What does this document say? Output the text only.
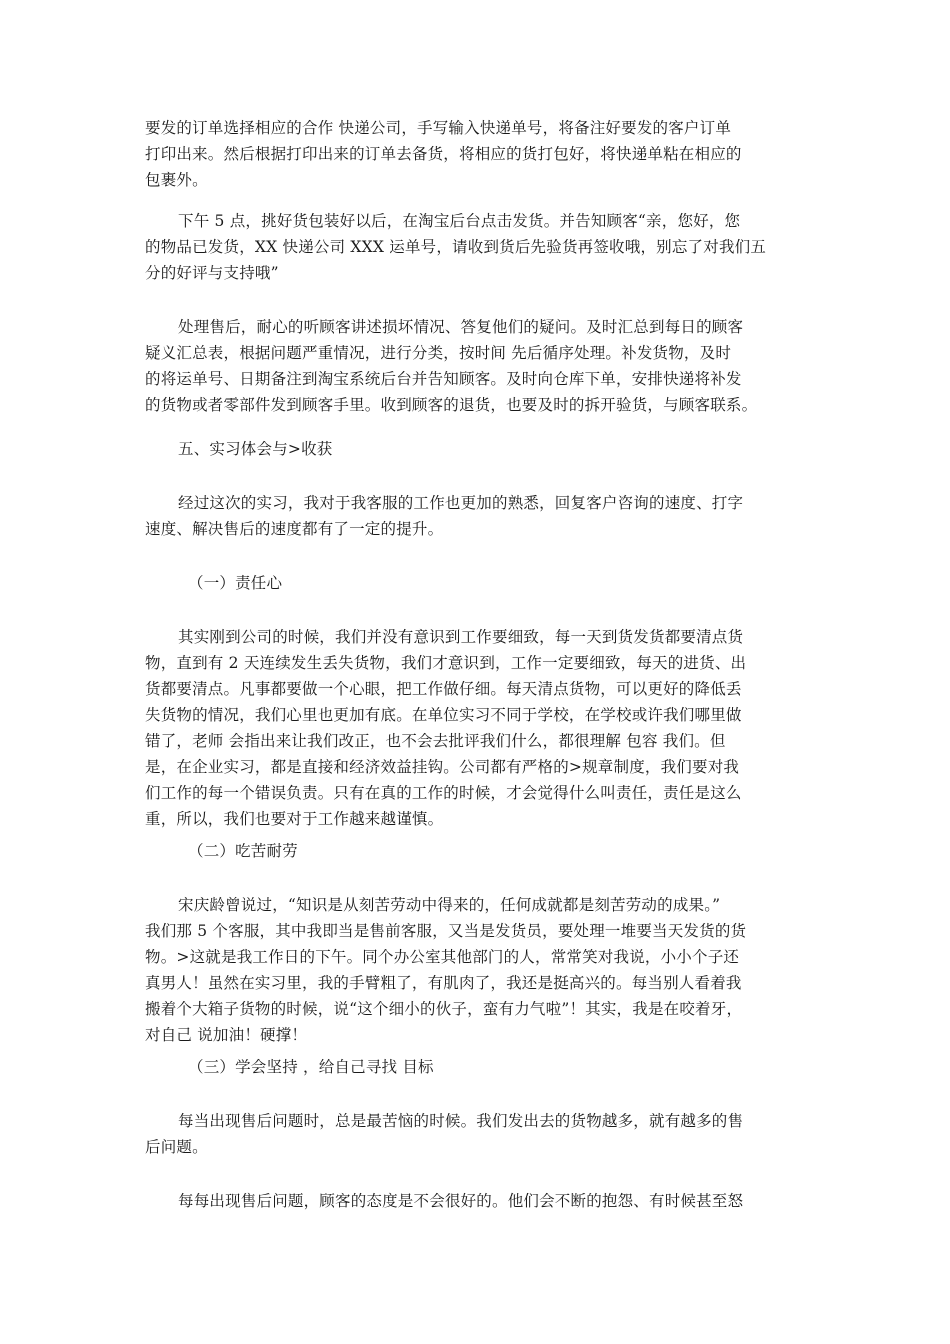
要发的订单选择相应的合作 快递公司，手写输入快递单号，将备注好要发的客户订单
打印出来。然后根据打印出来的订单去备货，将相应的货打包好，将快递单粘在相应的
包裹外。
下午 5 点，挑好货包装好以后，在淘宝后台点击发货。并告知顾客“亲，您好，您
的物品已发货，XX 快递公司 XXX 运单号，请收到货后先验货再签收哦，别忘了对我们五
分的好评与支持哦”
处理售后，耐心的听顾客讲述损坏情况、答复他们的疑问。及时汇总到每日的顾客
疑义汇总表，根据问题严重情况，进行分类，按时间 先后循序处理。补发货物，及时
的将运单号、日期备注到淘宝系统后台并告知顾客。及时向仓库下单，安排快递将补发
的货物或者零部件发到顾客手里。收到顾客的退货，也要及时的拆开验货，与顾客联系。
五、实习体会与>收获
经过这次的实习，我对于我客服的工作也更加的熟悉，回复客户咨询的速度、打字
速度、解决售后的速度都有了一定的提升。
（一）责任心
其实刚到公司的时候，我们并没有意识到工作要细致，每一天到货发货都要清点货
物，直到有 2 天连续发生丢失货物，我们才意识到，工作一定要细致，每天的进货、出
货都要清点。凡事都要做一个心眼，把工作做仔细。每天清点货物，可以更好的降低丢
失货物的情况，我们心里也更加有底。在单位实习不同于学校，在学校或许我们哪里做
错了，老师 会指出来让我们改正，也不会去批评我们什么，都很理解 包容 我们。但
是，在企业实习，都是直接和经济效益挂钩。公司都有严格的>规章制度，我们要对我
们工作的每一个错误负责。只有在真的工作的时候，才会觉得什么叫责任，责任是这么
重，所以，我们也要对于工作越来越谨慎。
（二）吃苦耐劳
宋庆龄曾说过，“知识是从刻苦劳动中得来的，任何成就都是刻苦劳动的成果。”
我们那 5 个客服，其中我即当是售前客服，又当是发货员，要处理一堆要当天发货的货
物。>这就是我工作日的下午。同个办公室其他部门的人，常常笑对我说，小小个子还
真男人！虽然在实习里，我的手臂粗了，有肌肉了，我还是挺高兴的。每当别人看着我
搬着个大箱子货物的时候，说“这个细小的伙子，蛮有力气啦”！其实，我是在咬着牙，
对自己 说加油！硬撑！
（三）学会坚持 ，给自己寻找 目标
每当出现售后问题时，总是最苦恼的时候。我们发出去的货物越多，就有越多的售
后问题。
每每出现售后问题，顾客的态度是不会很好的。他们会不断的抱怨、有时候甚至怒
